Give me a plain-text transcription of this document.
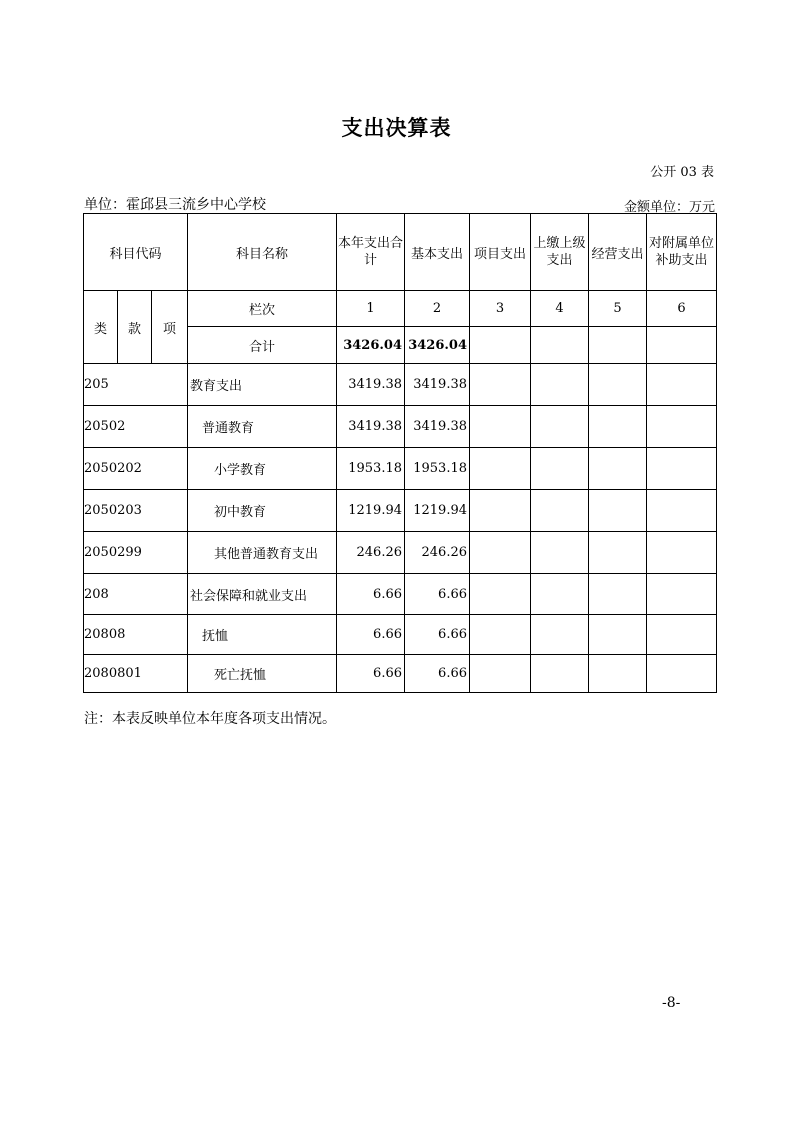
支出决算表
公开 03 表
单位：霍邱县三流乡中心学校	金额单位：万元
科目代码			科目名称	本年支出合计	基本支出	项目支出	上缴上级支出	经营支出	对附属单位补助支出
类	款	项	栏次	1	2	3	4	5	6
			合计	3426.04	3426.04				
205			教育支出	3419.38	3419.38				
20502			普通教育	3419.38	3419.38				
2050202			小学教育	1953.18	1953.18				
2050203			初中教育	1219.94	1219.94				
2050299			其他普通教育支出	246.26	246.26				
208			社会保障和就业支出	6.66	6.66				
20808			抚恤	6.66	6.66				
2080801			死亡抚恤	6.66	6.66				
注：本表反映单位本年度各项支出情况。
-8-
